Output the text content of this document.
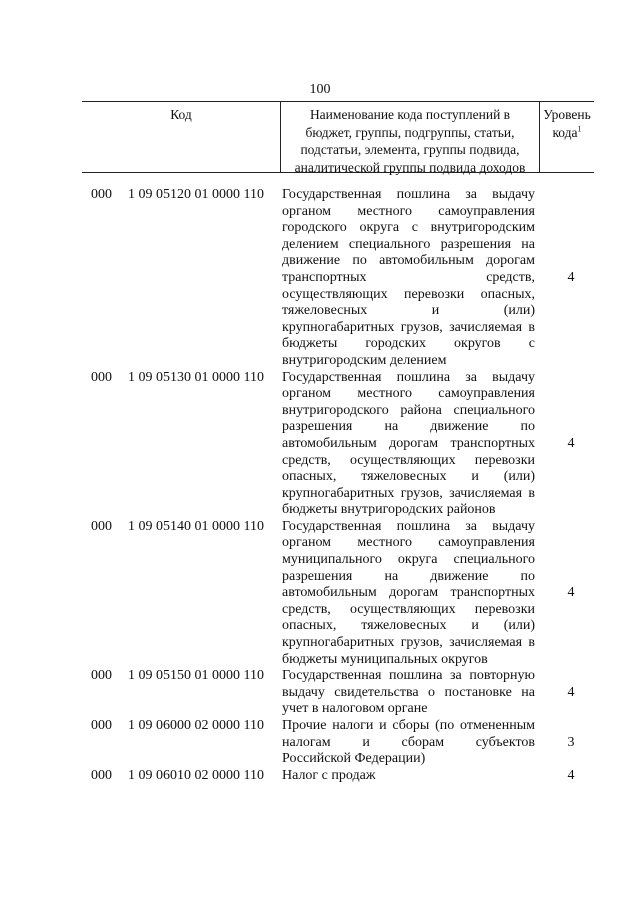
100
Код	Наименование кода поступлений в
бюджет, группы, подгруппы, статьи,
подстатьи, элемента, группы подвида,
аналитической группы подвида доходов
Уровень
кода$^1$
000 1 09 05120 01 0000 110 Государственная пошлина за выдачу
органом местного самоуправления
городского округа с внутригородским
делением специального разрешения на
движение по автомобильным дорогам
транспортных средств,
осуществляющих перевозки опасных,
тяжеловесных и (или)
крупногабаритных грузов, зачисляемая в
бюджеты городских округов с
внутригородским делением
4
000 1 09 05130 01 0000 110 Государственная пошлина за выдачу
органом местного самоуправления
внутригородского района специального
разрешения на движение по
автомобильным дорогам транспортных
средств, осуществляющих перевозки
опасных, тяжеловесных и (или)
крупногабаритных грузов, зачисляемая в
бюджеты внутригородских районов
4
000 1 09 05140 01 0000 110 Государственная пошлина за выдачу
органом местного самоуправления
муниципального округа специального
разрешения на движение по
автомобильным дорогам транспортных
средств, осуществляющих перевозки
опасных, тяжеловесных и (или)
крупногабаритных грузов, зачисляемая в
бюджеты муниципальных округов
4
000 1 09 05150 01 0000 110 Государственная пошлина за повторную
выдачу свидетельства о постановке на
учет в налоговом органе
4
000 1 09 06000 02 0000 110 Прочие налоги и сборы (по отмененным
налогам и сборам субъектов
Российской Федерации)
3
000 1 09 06010 02 0000 110 Налог с продаж	4
